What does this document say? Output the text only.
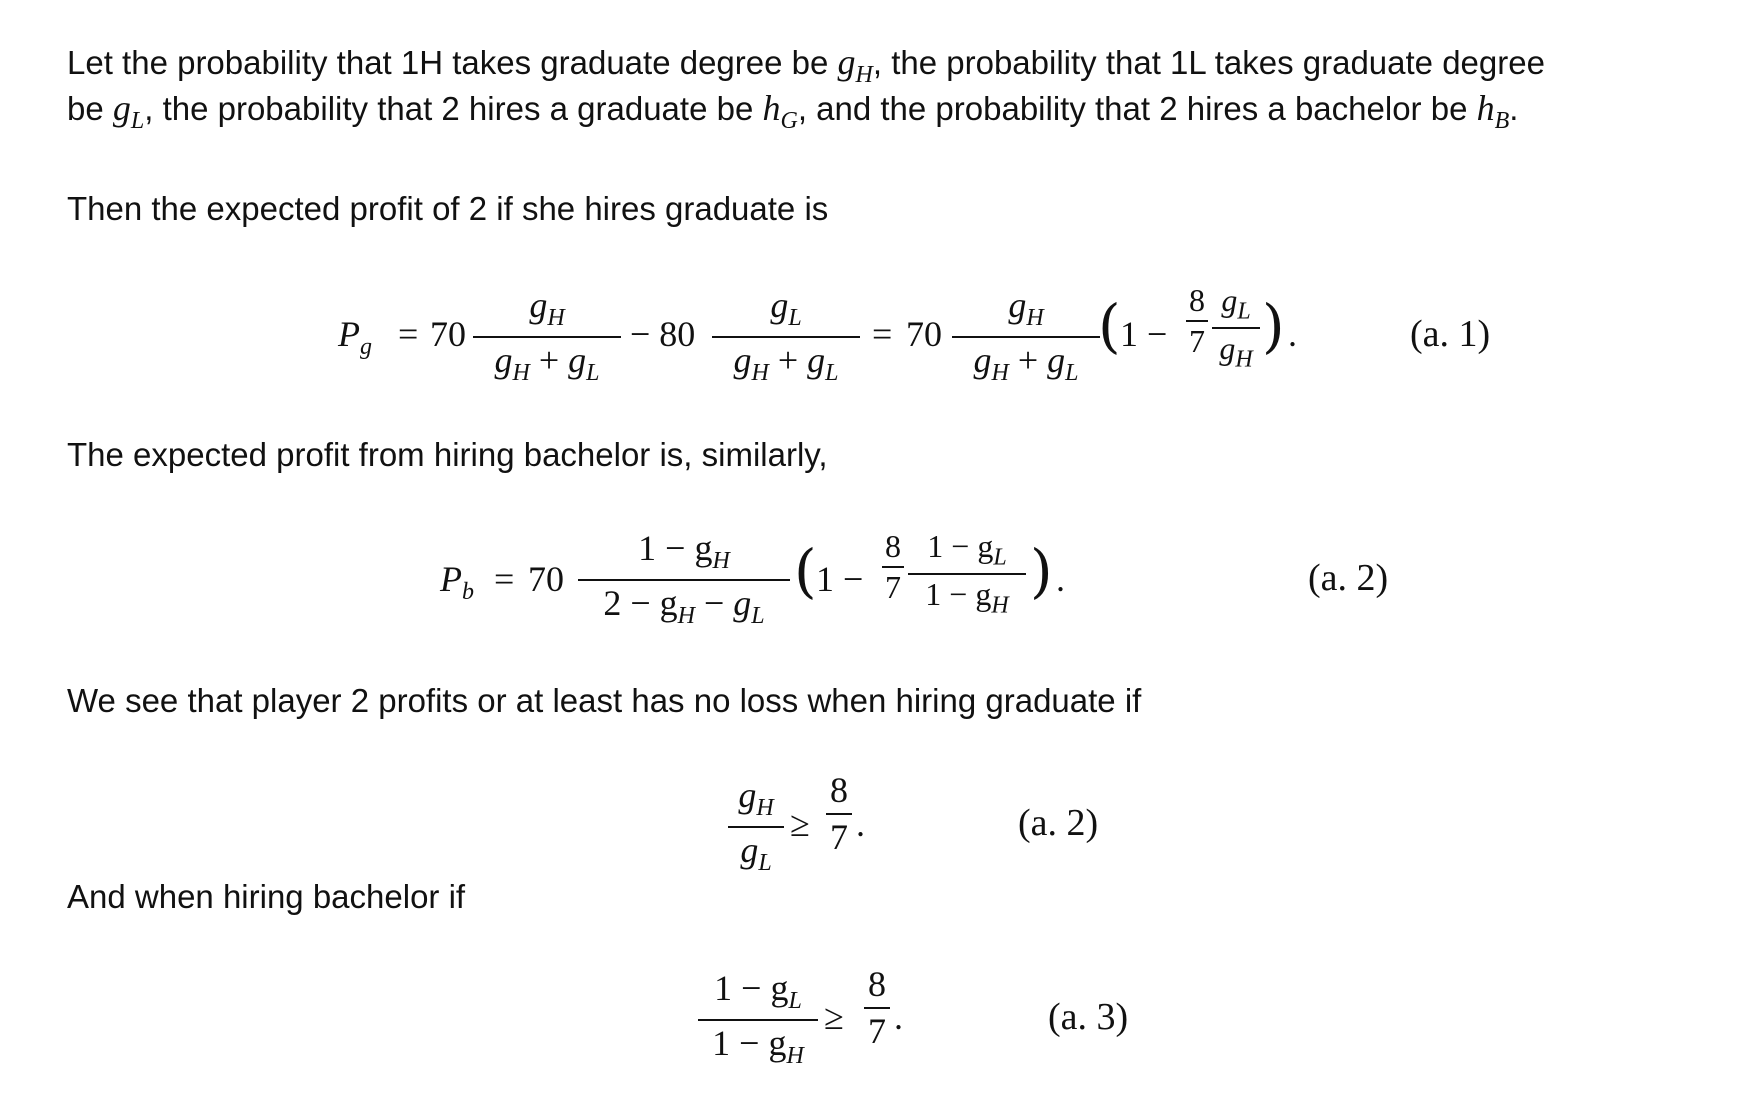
Let the probability that 1H takes graduate degree be $g_H$, the probability that 1L takes graduate degree
be $g_L$, the probability that 2 hires a graduate be $h_G$, and the probability that 2 hires a bachelor be $h_B$.
Then the expected profit of 2 if she hires graduate is
$P_g = 70$
$g_H$
$g_H + g_L$
− 80
$g_L$
$g_H + g_L$
= 70
$g_H$
$g_H + g_L$
( 1 −
8
7
$g_L$
$g_H$ ) .	(a. 1)
The expected profit from hiring bachelor is, similarly,
$P_b = 70$
$1 - g_H$
$2 - g_H - g_L$
( 1 −
8
7
$1 - g_L$
$1 - g_H$
) .	(a. 2)
We see that player 2 profits or at least has no loss when hiring graduate if
$g_H$
$g_L$
≥
8
7 .	(a. 2)
And when hiring bachelor if
$1 - g_L$
$1 - g_H$
≥
8
7 .	(a. 3)
